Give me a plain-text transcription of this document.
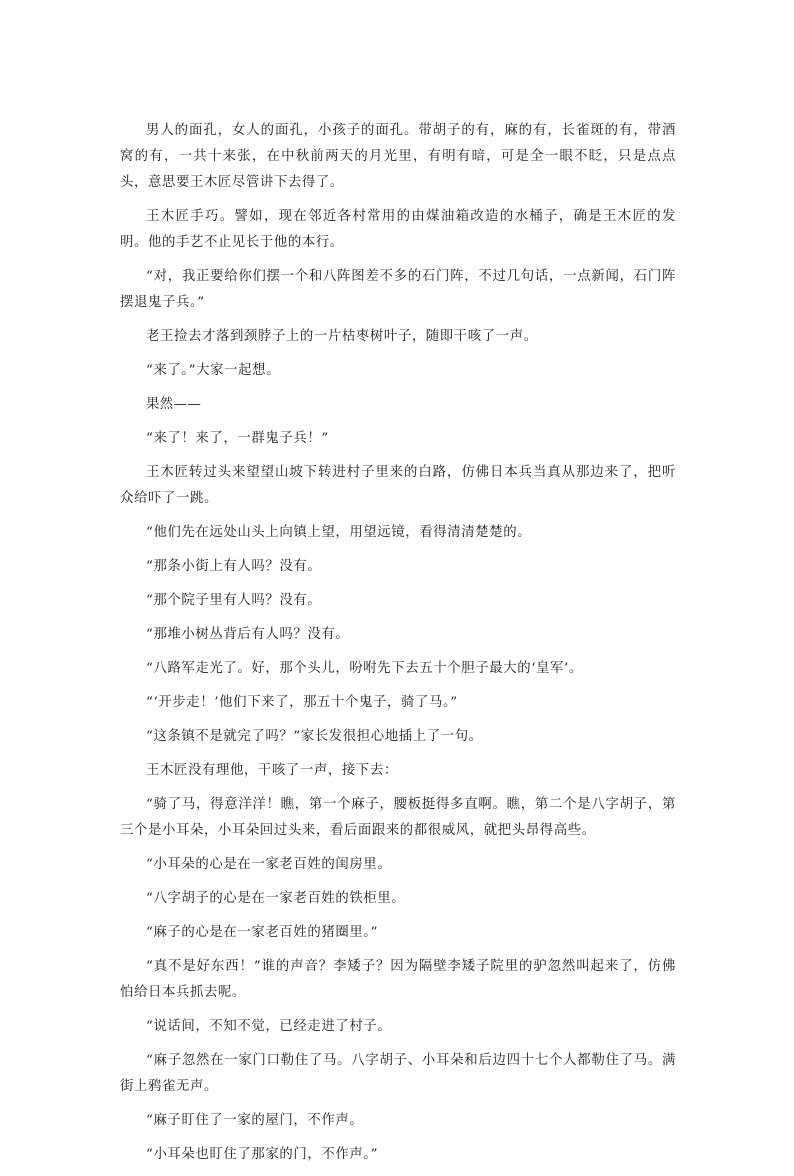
男人的面孔，女人的面孔，小孩子的面孔。带胡子的有，麻的有，长雀斑的有，带酒窝的有，一共十来张，在中秋前两天的月光里，有明有暗，可是全一眼不眨，只是点点头，意思要王木匠尽管讲下去得了。

王木匠手巧。譬如，现在邻近各村常用的由煤油箱改造的水桶子，确是王木匠的发明。他的手艺不止见长于他的本行。

“对，我正要给你们摆一个和八阵图差不多的石门阵，不过几句话，一点新闻，石门阵摆退鬼子兵。”

老王捡去才落到颈脖子上的一片枯枣树叶子，随即干咳了一声。

“来了。”大家一起想。

果然——

“来了！来了，一群鬼子兵！”

王木匠转过头来望望山坡下转进村子里来的白路，仿佛日本兵当真从那边来了，把听众给吓了一跳。

“他们先在远处山头上向镇上望，用望远镜，看得清清楚楚的。

“那条小街上有人吗？没有。

“那个院子里有人吗？没有。

“那堆小树丛背后有人吗？没有。

“八路军走光了。好，那个头儿，吩咐先下去五十个胆子最大的‘皇军’。

“‘开步走！’他们下来了，那五十个鬼子，骑了马。”

“这条镇不是就完了吗？”家长发很担心地插上了一句。

王木匠没有理他，干咳了一声，接下去：

“骑了马，得意洋洋！瞧，第一个麻子，腰板挺得多直啊。瞧，第二个是八字胡子，第三个是小耳朵，小耳朵回过头来，看后面跟来的都很威风，就把头昂得高些。

“小耳朵的心是在一家老百姓的闺房里。

“八字胡子的心是在一家老百姓的铁柜里。

“麻子的心是在一家老百姓的猪圈里。”

“真不是好东西！”谁的声音？李矮子？因为隔壁李矮子院里的驴忽然叫起来了，仿佛怕给日本兵抓去呢。

“说话间，不知不觉，已经走进了村子。

“麻子忽然在一家门口勒住了马。八字胡子、小耳朵和后边四十七个人都勒住了马。满街上鸦雀无声。

“麻子盯住了一家的屋门，不作声。

“小耳朵也盯住了那家的门，不作声。”
